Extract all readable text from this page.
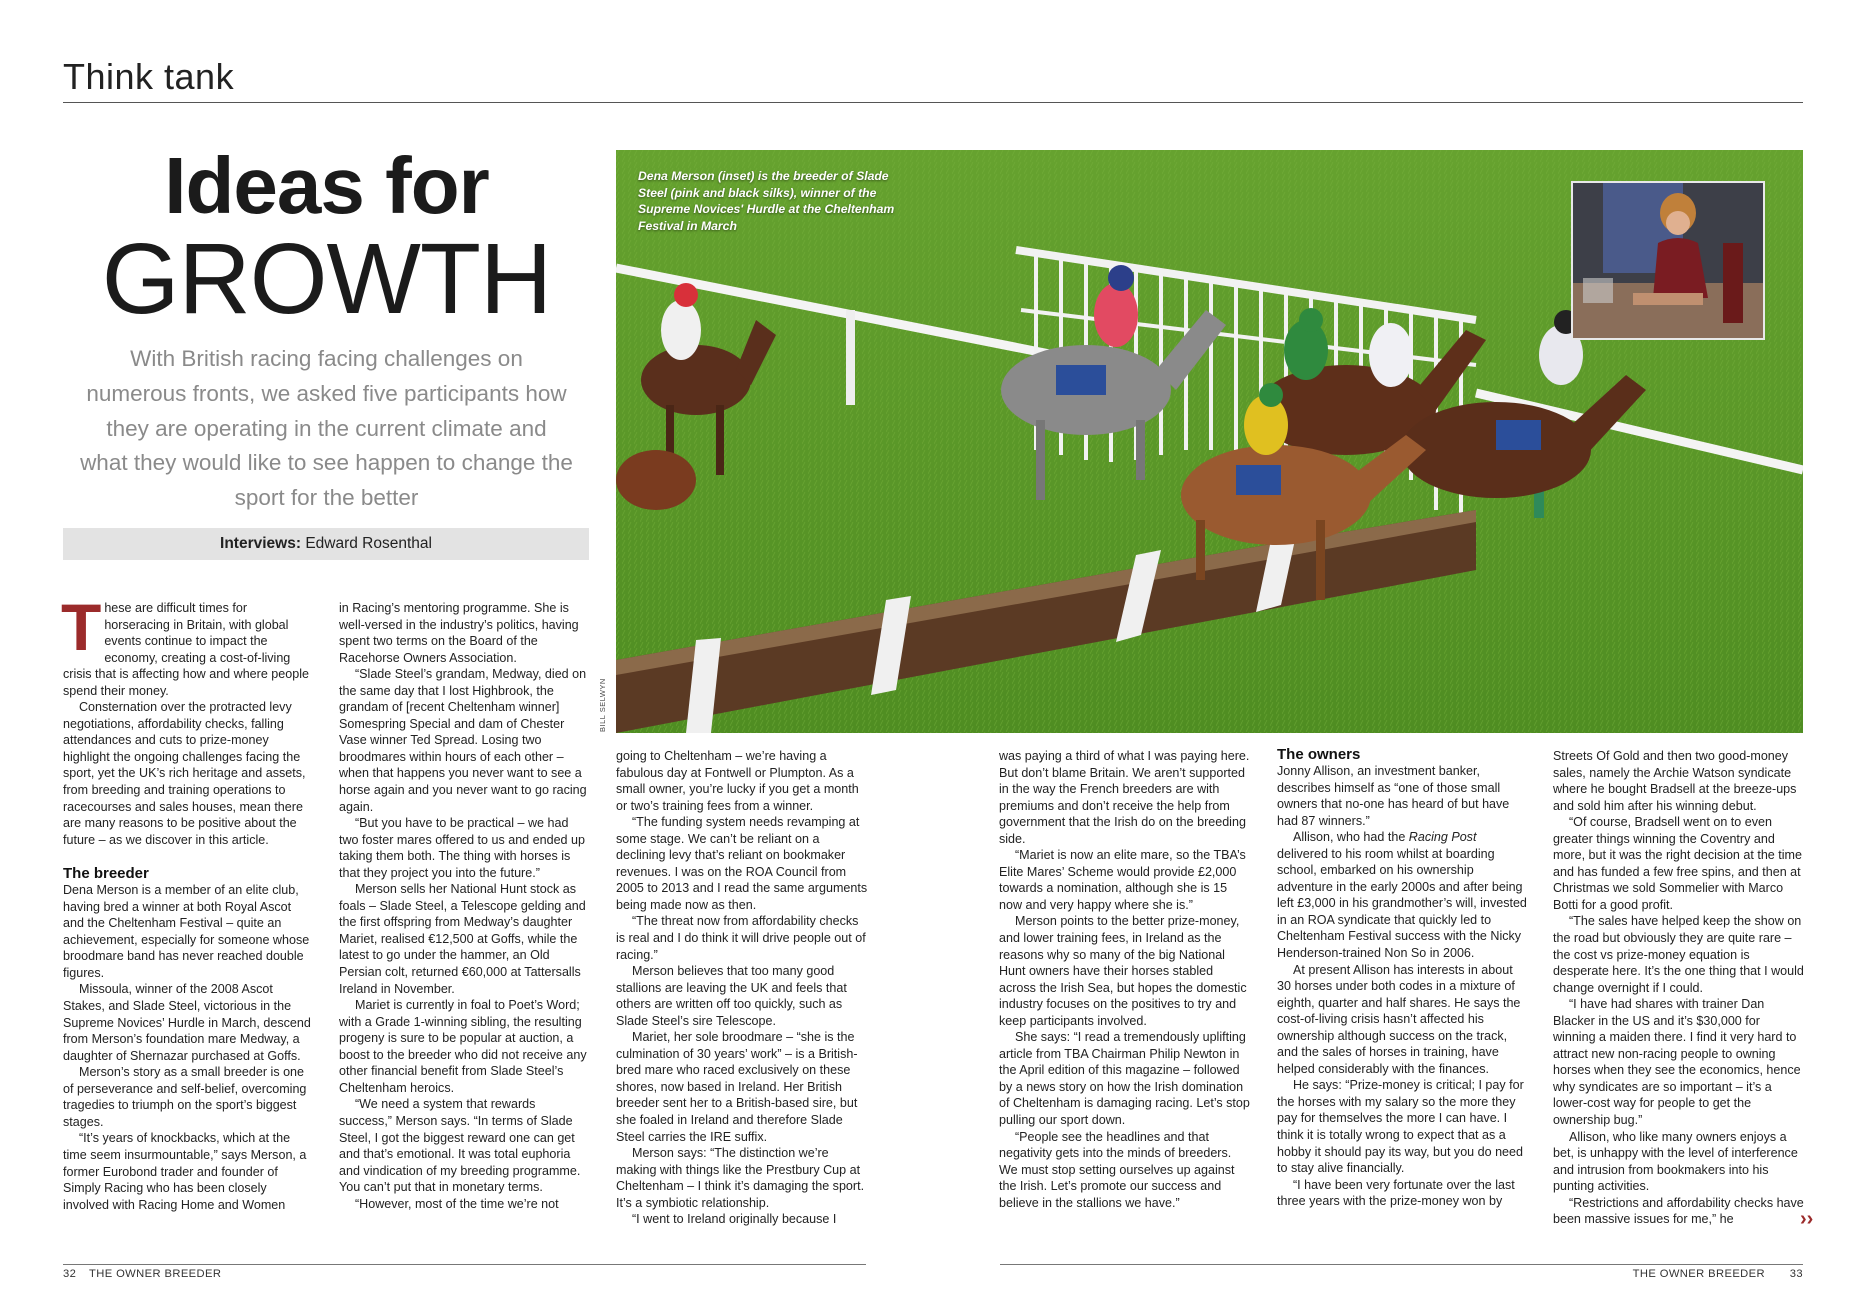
Think tank
Ideas for
GROWTH
With British racing facing challenges on numerous fronts, we asked five participants how they are operating in the current climate and what they would like to see happen to change the sport for the better
Interviews: Edward Rosenthal
Dena Merson (inset) is the breeder of Slade Steel (pink and black silks), winner of the Supreme Novices' Hurdle at the Cheltenham Festival in March
BILL SELWYN

These are difficult times for horseracing in Britain, with global events continue to impact the economy, creating a cost-of-living crisis that is affecting how and where people spend their money.

Consternation over the protracted levy negotiations, affordability checks, falling attendances and cuts to prize-money highlight the ongoing challenges facing the sport, yet the UK’s rich heritage and assets, from breeding and training operations to racecourses and sales houses, mean there are many reasons to be positive about the future – as we discover in this article.

The breeder

Dena Merson is a member of an elite club, having bred a winner at both Royal Ascot and the Cheltenham Festival – quite an achievement, especially for someone whose broodmare band has never reached double figures.

Missoula, winner of the 2008 Ascot Stakes, and Slade Steel, victorious in the Supreme Novices’ Hurdle in March, descend from Merson’s foundation mare Medway, a daughter of Shernazar purchased at Goffs.

Merson’s story as a small breeder is one of perseverance and self-belief, overcoming tragedies to triumph on the sport’s biggest stages.

“It’s years of knockbacks, which at the time seem insurmountable,” says Merson, a former Eurobond trader and founder of Simply Racing who has been closely involved with Racing Home and Women

in Racing’s mentoring programme. She is well-versed in the industry’s politics, having spent two terms on the Board of the Racehorse Owners Association.

“Slade Steel’s grandam, Medway, died on the same day that I lost Highbrook, the grandam of [recent Cheltenham winner] Somespring Special and dam of Chester Vase winner Ted Spread. Losing two broodmares within hours of each other – when that happens you never want to see a horse again and you never want to go racing again.

“But you have to be practical – we had two foster mares offered to us and ended up taking them both. The thing with horses is that they project you into the future.”

Merson sells her National Hunt stock as foals – Slade Steel, a Telescope gelding and the first offspring from Medway’s daughter Mariet, realised €12,500 at Goffs, while the latest to go under the hammer, an Old Persian colt, returned €60,000 at Tattersalls Ireland in November.

Mariet is currently in foal to Poet’s Word; with a Grade 1-winning sibling, the resulting progeny is sure to be popular at auction, a boost to the breeder who did not receive any other financial benefit from Slade Steel’s Cheltenham heroics.

“We need a system that rewards success,” Merson says. “In terms of Slade Steel, I got the biggest reward one can get and that’s emotional. It was total euphoria and vindication of my breeding programme. You can’t put that in monetary terms.

“However, most of the time we’re not

going to Cheltenham – we’re having a fabulous day at Fontwell or Plumpton. As a small owner, you’re lucky if you get a month or two’s training fees from a winner.

“The funding system needs revamping at some stage. We can’t be reliant on a declining levy that’s reliant on bookmaker revenues. I was on the ROA Council from 2005 to 2013 and I read the same arguments being made now as then.

“The threat now from affordability checks is real and I do think it will drive people out of racing.”

Merson believes that too many good stallions are leaving the UK and feels that others are written off too quickly, such as Slade Steel’s sire Telescope.

Mariet, her sole broodmare – “she is the culmination of 30 years’ work” – is a British-bred mare who raced exclusively on these shores, now based in Ireland. Her British breeder sent her to a British-based sire, but she foaled in Ireland and therefore Slade Steel carries the IRE suffix.

Merson says: “The distinction we’re making with things like the Prestbury Cup at Cheltenham – I think it’s damaging the sport. It’s a symbiotic relationship.

“I went to Ireland originally because I

was paying a third of what I was paying here. But don’t blame Britain. We aren’t supported in the way the French breeders are with premiums and don’t receive the help from government that the Irish do on the breeding side.

“Mariet is now an elite mare, so the TBA’s Elite Mares’ Scheme would provide £2,000 towards a nomination, although she is 15 now and very happy where she is.”

Merson points to the better prize-money, and lower training fees, in Ireland as the reasons why so many of the big National Hunt owners have their horses stabled across the Irish Sea, but hopes the domestic industry focuses on the positives to try and keep participants involved.

She says: “I read a tremendously uplifting article from TBA Chairman Philip Newton in the April edition of this magazine – followed by a news story on how the Irish domination of Cheltenham is damaging racing. Let’s stop pulling our sport down.

“People see the headlines and that negativity gets into the minds of breeders. We must stop setting ourselves up against the Irish. Let’s promote our success and believe in the stallions we have.”

The owners

Jonny Allison, an investment banker, describes himself as “one of those small owners that no-one has heard of but have had 87 winners.”

Allison, who had the Racing Post delivered to his room whilst at boarding school, embarked on his ownership adventure in the early 2000s and after being left £3,000 in his grandmother’s will, invested in an ROA syndicate that quickly led to Cheltenham Festival success with the Nicky Henderson-trained Non So in 2006.

At present Allison has interests in about 30 horses under both codes in a mixture of eighth, quarter and half shares. He says the cost-of-living crisis hasn’t affected his ownership although success on the track, and the sales of horses in training, have helped considerably with the finances.

He says: “Prize-money is critical; I pay for the horses with my salary so the more they pay for themselves the more I can have. I think it is totally wrong to expect that as a hobby it should pay its way, but you do need to stay alive financially.

“I have been very fortunate over the last three years with the prize-money won by

Streets Of Gold and then two good-money sales, namely the Archie Watson syndicate where he bought Bradsell at the breeze-ups and sold him after his winning debut.

“Of course, Bradsell went on to even greater things winning the Coventry and more, but it was the right decision at the time and has funded a few free spins, and then at Christmas we sold Sommelier with Marco Botti for a good profit.

“The sales have helped keep the show on the road but obviously they are quite rare – the cost vs prize-money equation is desperate here. It’s the one thing that I would change overnight if I could.

“I have had shares with trainer Dan Blacker in the US and it’s $30,000 for winning a maiden there. I find it very hard to attract new non-racing people to owning horses when they see the economics, hence why syndicates are so important – it’s a lower-cost way for people to get the ownership bug.”

Allison, who like many owners enjoys a bet, is unhappy with the level of interference and intrusion from bookmakers into his punting activities.

“Restrictions and affordability checks have been massive issues for me,” he	››
32 THE OWNER BREEDER	THE OWNER BREEDER 33
